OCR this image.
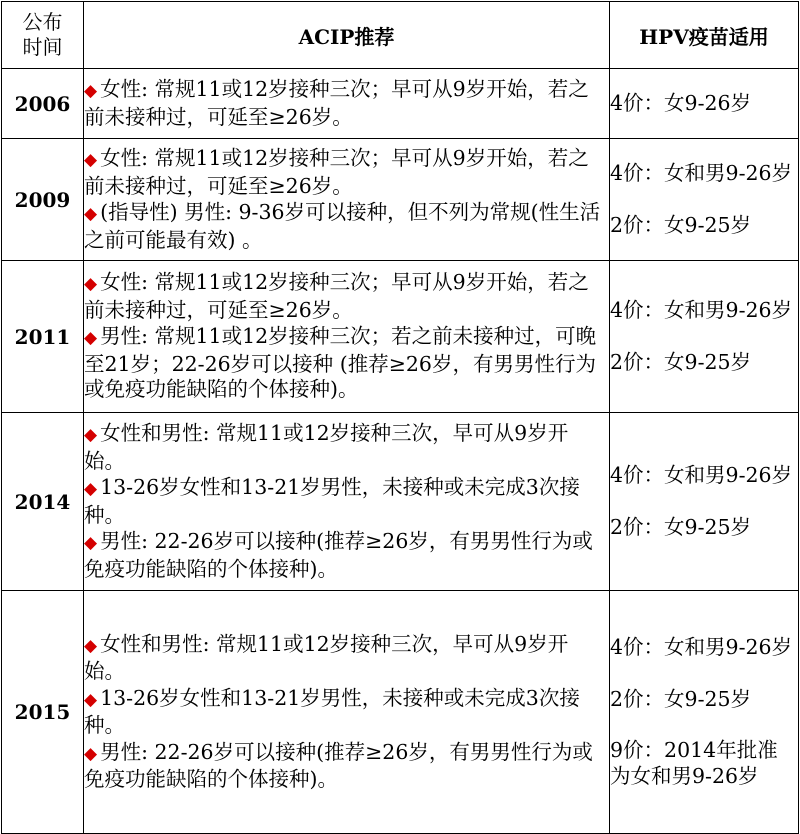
公布
时间	ACIP推荐	HPV疫苗适用
2006	◆ 女性: 常规11或12岁接种三次；早可从9岁开始，若之前未接种过，可延至≥26岁。	4价：女9-26岁

2009	◆ 女性: 常规11或12岁接种三次；早可从9岁开始，若之前未接种过，可延至≥26岁。
◆ (指导性) 男性: 9-36岁可以接种，但不列为常规(性生活之前可能最有效) 。	4价：女和男9-26岁
2价：女9-25岁

2011	◆ 女性: 常规11或12岁接种三次；早可从9岁开始，若之前未接种过，可延至≥26岁。
◆ 男性: 常规11或12岁接种三次；若之前未接种过，可晚至21岁；22-26岁可以接种 (推荐≥26岁，有男男性行为或免疫功能缺陷的个体接种)。	4价：女和男9-26岁
2价：女9-25岁

2014	◆ 女性和男性: 常规11或12岁接种三次，早可从9岁开始。
◆ 13-26岁女性和13-21岁男性，未接种或未完成3次接种。
◆ 男性: 22-26岁可以接种(推荐≥26岁，有男男性行为或免疫功能缺陷的个体接种)。	4价：女和男9-26岁
2价：女9-25岁

2015	◆ 女性和男性: 常规11或12岁接种三次，早可从9岁开始。
◆ 13-26岁女性和13-21岁男性，未接种或未完成3次接种。
◆ 男性: 22-26岁可以接种(推荐≥26岁，有男男性行为或免疫功能缺陷的个体接种)。	4价：女和男9-26岁
2价：女9-25岁
9价：2014年批准为女和男9-26岁
